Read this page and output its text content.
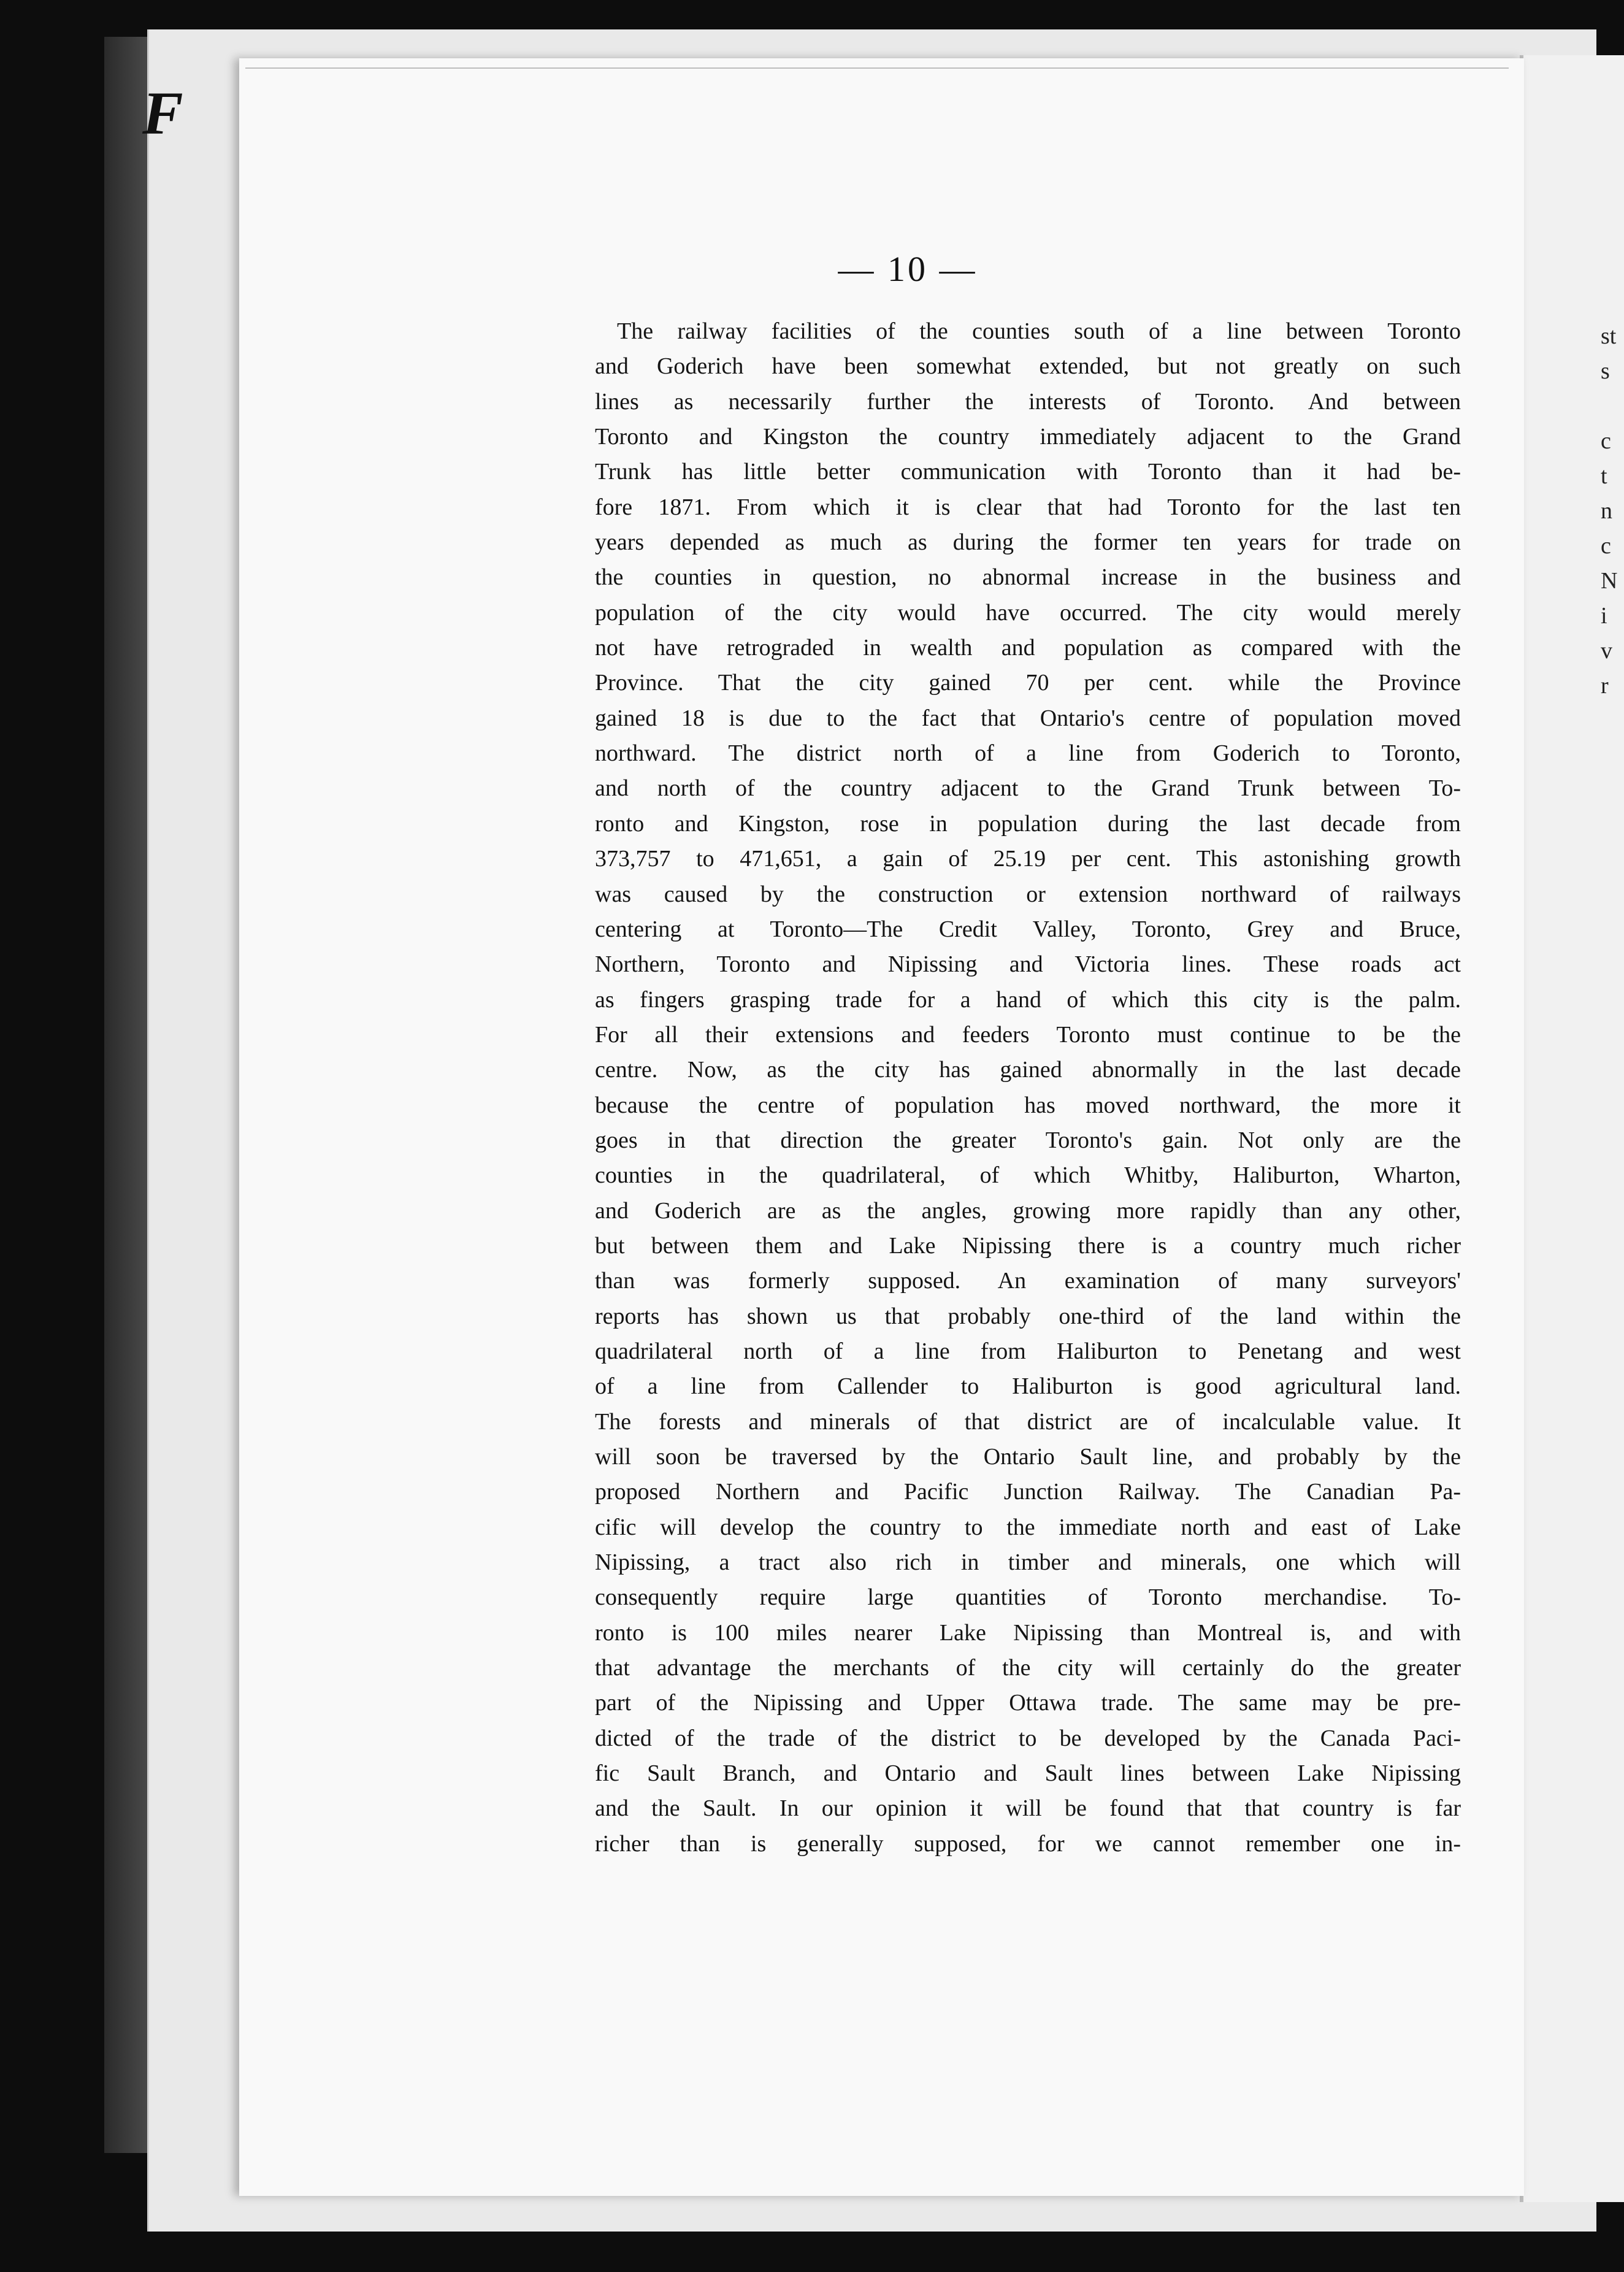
F
st
s
c
t
n
c
N
i
v
r
— 10 —
The railway facilities of the counties south of a line between Toronto
and Goderich have been somewhat extended, but not greatly on such
lines as necessarily further the interests of Toronto. And between
Toronto and Kingston the country immediately adjacent to the Grand
Trunk has little better communication with Toronto than it had be-
fore 1871. From which it is clear that had Toronto for the last ten
years depended as much as during the former ten years for trade on
the counties in question, no abnormal increase in the business and
population of the city would have occurred. The city would merely
not have retrograded in wealth and population as compared with the
Province. That the city gained 70 per cent. while the Province
gained 18 is due to the fact that Ontario's centre of population moved
northward. The district north of a line from Goderich to Toronto,
and north of the country adjacent to the Grand Trunk between To-
ronto and Kingston, rose in population during the last decade from
373,757 to 471,651, a gain of 25.19 per cent. This astonishing growth
was caused by the construction or extension northward of railways
centering at Toronto—The Credit Valley, Toronto, Grey and Bruce,
Northern, Toronto and Nipissing and Victoria lines. These roads act
as fingers grasping trade for a hand of which this city is the palm.
For all their extensions and feeders Toronto must continue to be the
centre. Now, as the city has gained abnormally in the last decade
because the centre of population has moved northward, the more it
goes in that direction the greater Toronto's gain. Not only are the
counties in the quadrilateral, of which Whitby, Haliburton, Wharton,
and Goderich are as the angles, growing more rapidly than any other,
but between them and Lake Nipissing there is a country much richer
than was formerly supposed. An examination of many surveyors'
reports has shown us that probably one-third of the land within the
quadrilateral north of a line from Haliburton to Penetang and west
of a line from Callender to Haliburton is good agricultural land.
The forests and minerals of that district are of incalculable value. It
will soon be traversed by the Ontario Sault line, and probably by the
proposed Northern and Pacific Junction Railway. The Canadian Pa-
cific will develop the country to the immediate north and east of Lake
Nipissing, a tract also rich in timber and minerals, one which will
consequently require large quantities of Toronto merchandise. To-
ronto is 100 miles nearer Lake Nipissing than Montreal is, and with
that advantage the merchants of the city will certainly do the greater
part of the Nipissing and Upper Ottawa trade. The same may be pre-
dicted of the trade of the district to be developed by the Canada Paci-
fic Sault Branch, and Ontario and Sault lines between Lake Nipissing
and the Sault. In our opinion it will be found that that country is far
richer than is generally supposed, for we cannot remember one in-
